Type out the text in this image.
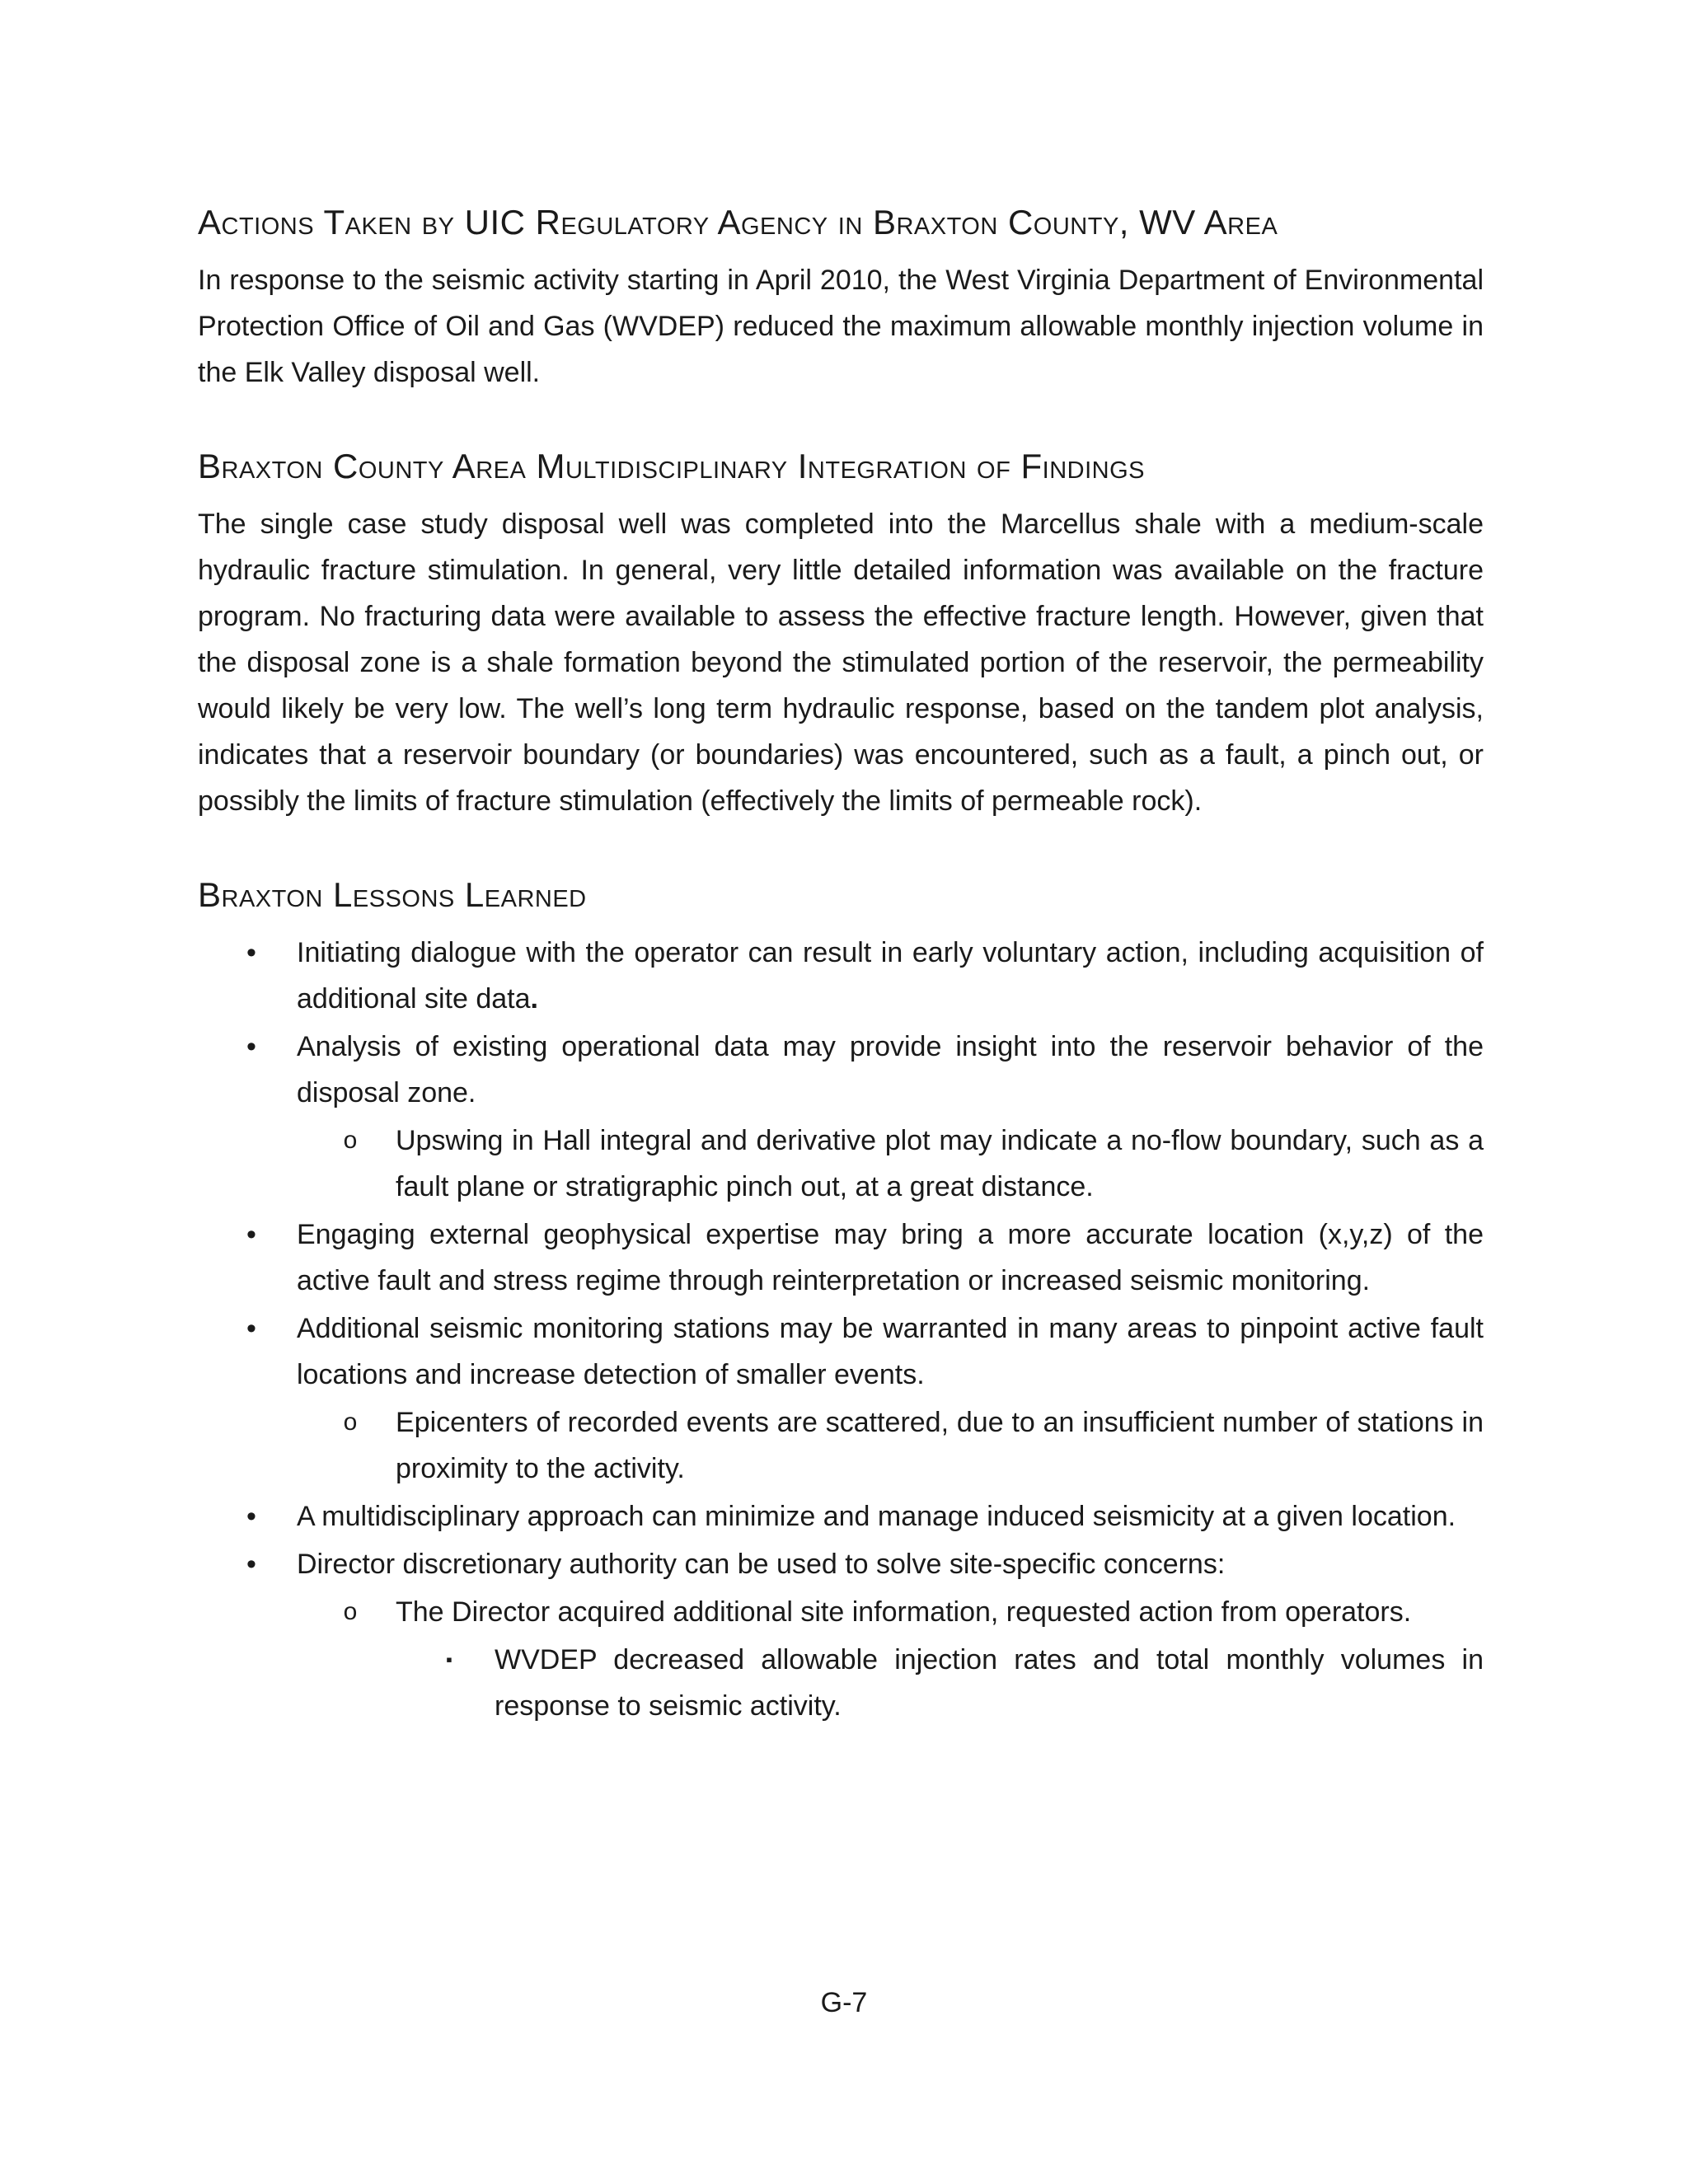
Actions Taken by UIC Regulatory Agency in Braxton County, WV Area

In response to the seismic activity starting in April 2010, the West Virginia Department of Environmental Protection Office of Oil and Gas (WVDEP) reduced the maximum allowable monthly injection volume in the Elk Valley disposal well.

Braxton County Area Multidisciplinary Integration of Findings

The single case study disposal well was completed into the Marcellus shale with a medium-scale hydraulic fracture stimulation. In general, very little detailed information was available on the fracture program. No fracturing data were available to assess the effective fracture length. However, given that the disposal zone is a shale formation beyond the stimulated portion of the reservoir, the permeability would likely be very low. The well’s long term hydraulic response, based on the tandem plot analysis, indicates that a reservoir boundary (or boundaries) was encountered, such as a fault, a pinch out, or possibly the limits of fracture stimulation (effectively the limits of permeable rock).

Braxton Lessons Learned
•	Initiating dialogue with the operator can result in early voluntary action, including acquisition of additional site data.
•	Analysis of existing operational data may provide insight into the reservoir behavior of the disposal zone.
o	Upswing in Hall integral and derivative plot may indicate a no-flow boundary, such as a fault plane or stratigraphic pinch out, at a great distance.
•	Engaging external geophysical expertise may bring a more accurate location (x,y,z) of the active fault and stress regime through reinterpretation or increased seismic monitoring.
•	Additional seismic monitoring stations may be warranted in many areas to pinpoint active fault locations and increase detection of smaller events.
o	Epicenters of recorded events are scattered, due to an insufficient number of stations in proximity to the activity.
•	A multidisciplinary approach can minimize and manage induced seismicity at a given location.
•	Director discretionary authority can be used to solve site-specific concerns:
o	The Director acquired additional site information, requested action from operators.
▪	WVDEP decreased allowable injection rates and total monthly volumes in response to seismic activity.
G-7
